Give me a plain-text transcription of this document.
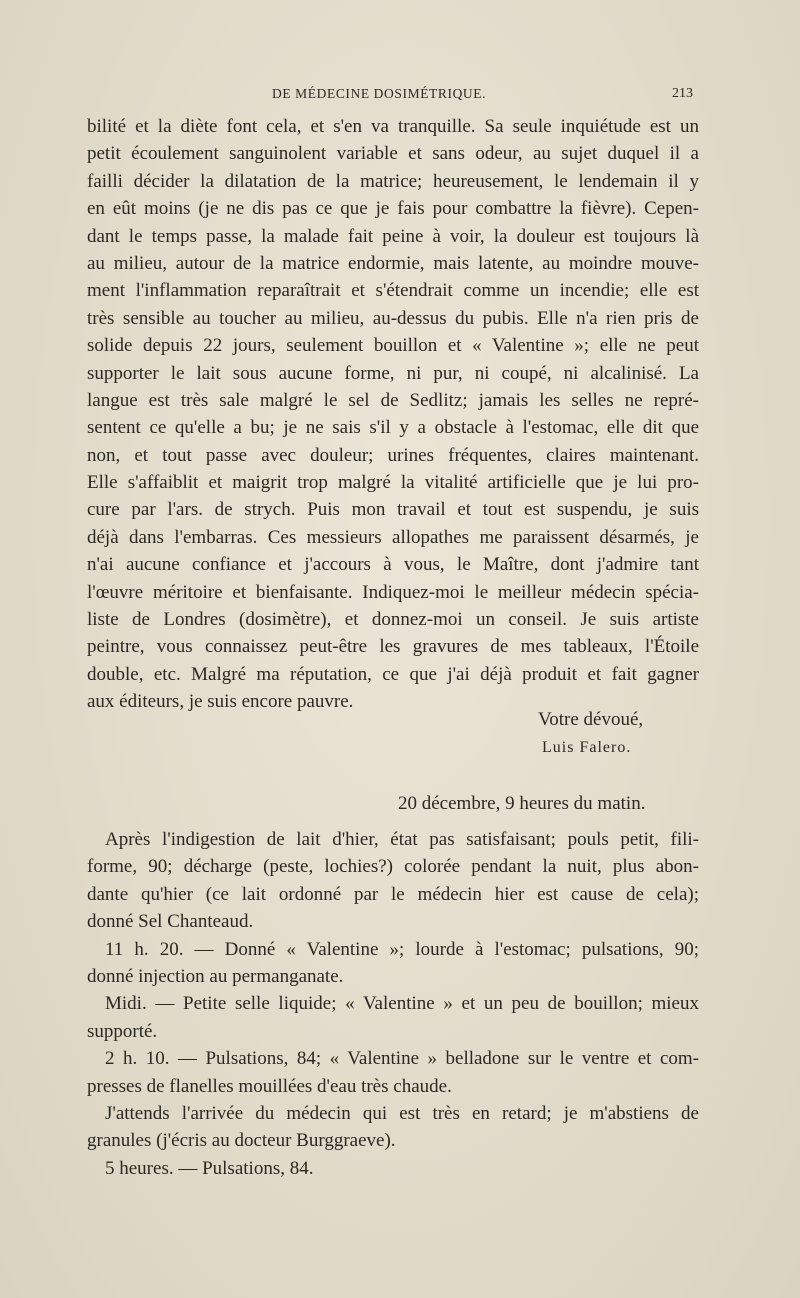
DE MÉDECINE DOSIMÉTRIQUE.	213
bilité et la diète font cela, et s'en va tranquille. Sa seule inquiétude est un
petit écoulement sanguinolent variable et sans odeur, au sujet duquel il a
failli décider la dilatation de la matrice; heureusement, le lendemain il y
en eût moins (je ne dis pas ce que je fais pour combattre la fièvre). Cepen-
dant le temps passe, la malade fait peine à voir, la douleur est toujours là
au milieu, autour de la matrice endormie, mais latente, au moindre mouve-
ment l'inflammation reparaîtrait et s'étendrait comme un incendie; elle est
très sensible au toucher au milieu, au-dessus du pubis. Elle n'a rien pris de
solide depuis 22 jours, seulement bouillon et « Valentine »; elle ne peut
supporter le lait sous aucune forme, ni pur, ni coupé, ni alcalinisé. La
langue est très sale malgré le sel de Sedlitz; jamais les selles ne repré-
sentent ce qu'elle a bu; je ne sais s'il y a obstacle à l'estomac, elle dit que
non, et tout passe avec douleur; urines fréquentes, claires maintenant.
Elle s'affaiblit et maigrit trop malgré la vitalité artificielle que je lui pro-
cure par l'ars. de strych. Puis mon travail et tout est suspendu, je suis
déjà dans l'embarras. Ces messieurs allopathes me paraissent désarmés, je
n'ai aucune confiance et j'accours à vous, le Maître, dont j'admire tant
l'œuvre méritoire et bienfaisante. Indiquez-moi le meilleur médecin spécia-
liste de Londres (dosimètre), et donnez-moi un conseil. Je suis artiste
peintre, vous connaissez peut-être les gravures de mes tableaux, l'Étoile
double, etc. Malgré ma réputation, ce que j'ai déjà produit et fait gagner
aux éditeurs, je suis encore pauvre.
Votre dévoué,
Luis Falero.
20 décembre, 9 heures du matin.
Après l'indigestion de lait d'hier, état pas satisfaisant; pouls petit, fili-
forme, 90; décharge (peste, lochies?) colorée pendant la nuit, plus abon-
dante qu'hier (ce lait ordonné par le médecin hier est cause de cela);
donné Sel Chanteaud.
11 h. 20. — Donné « Valentine »; lourde à l'estomac; pulsations, 90;
donné injection au permanganate.
Midi. — Petite selle liquide; « Valentine » et un peu de bouillon; mieux
supporté.
2 h. 10. — Pulsations, 84; « Valentine » belladone sur le ventre et com-
presses de flanelles mouillées d'eau très chaude.
J'attends l'arrivée du médecin qui est très en retard; je m'abstiens de
granules (j'écris au docteur Burggraeve).
5 heures. — Pulsations, 84.
